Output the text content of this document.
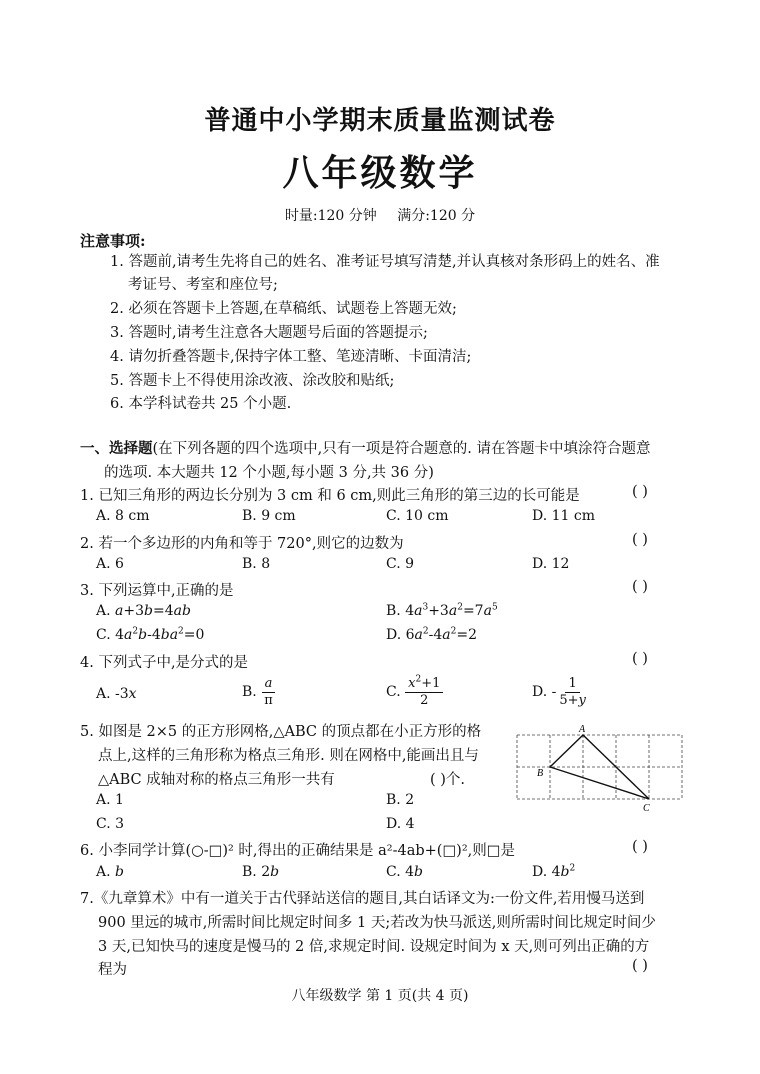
普通中小学期末质量监测试卷
八年级数学
时量:120 分钟 满分:120 分
注意事项:
1. 答题前,请考生先将自己的姓名、准考证号填写清楚,并认真核对条形码上的姓名、准
考证号、考室和座位号;
2. 必须在答题卡上答题,在草稿纸、试题卷上答题无效;
3. 答题时,请考生注意各大题题号后面的答题提示;
4. 请勿折叠答题卡,保持字体工整、笔迹清晰、卡面清洁;
5. 答题卡上不得使用涂改液、涂改胶和贴纸;
6. 本学科试卷共 25 个小题.
一、选择题(在下列各题的四个选项中,只有一项是符合题意的. 请在答题卡中填涂符合题意
的选项. 本大题共 12 个小题,每小题 3 分,共 36 分)
1. 已知三角形的两边长分别为 3 cm 和 6 cm,则此三角形的第三边的长可能是	( )
A. 8 cm	B. 9 cm	C. 10 cm	D. 11 cm
2. 若一个多边形的内角和等于 720°,则它的边数为	( )
A. 6	B. 8	C. 9	D. 12
3. 下列运算中,正确的是	( )
A. a+3b=4ab	B. $4a^3+3a^2=7a^5$
C. $4a^2b-4ba^2=0$	D. $6a^2-4a^2=2$
4. 下列式子中,是分式的是	( )
A. -3x	B. $\frac{a}{\pi}$	C. $\frac{x^2+1}{2}$	D. - $\frac{1}{5+y}$
5. 如图是 2×5 的正方形网格,△ABC 的顶点都在小正方形的格
点上,这样的三角形称为格点三角形. 则在网格中,能画出且与
△ABC 成轴对称的格点三角形一共有	( )个.
A. 1	B. 2
C. 3	D. 4
A
B
C
6. 小李同学计算(○-□)² 时,得出的正确结果是 a²-4ab+(□)²,则□是	( )
A. b	B. 2b	C. 4b	D. $4b^2$
7.《九章算术》中有一道关于古代驿站送信的题目,其白话译文为:一份文件,若用慢马送到
900 里远的城市,所需时间比规定时间多 1 天;若改为快马派送,则所需时间比规定时间少
3 天,已知快马的速度是慢马的 2 倍,求规定时间. 设规定时间为 x 天,则可列出正确的方
程为	( )
八年级数学 第 1 页(共 4 页)
